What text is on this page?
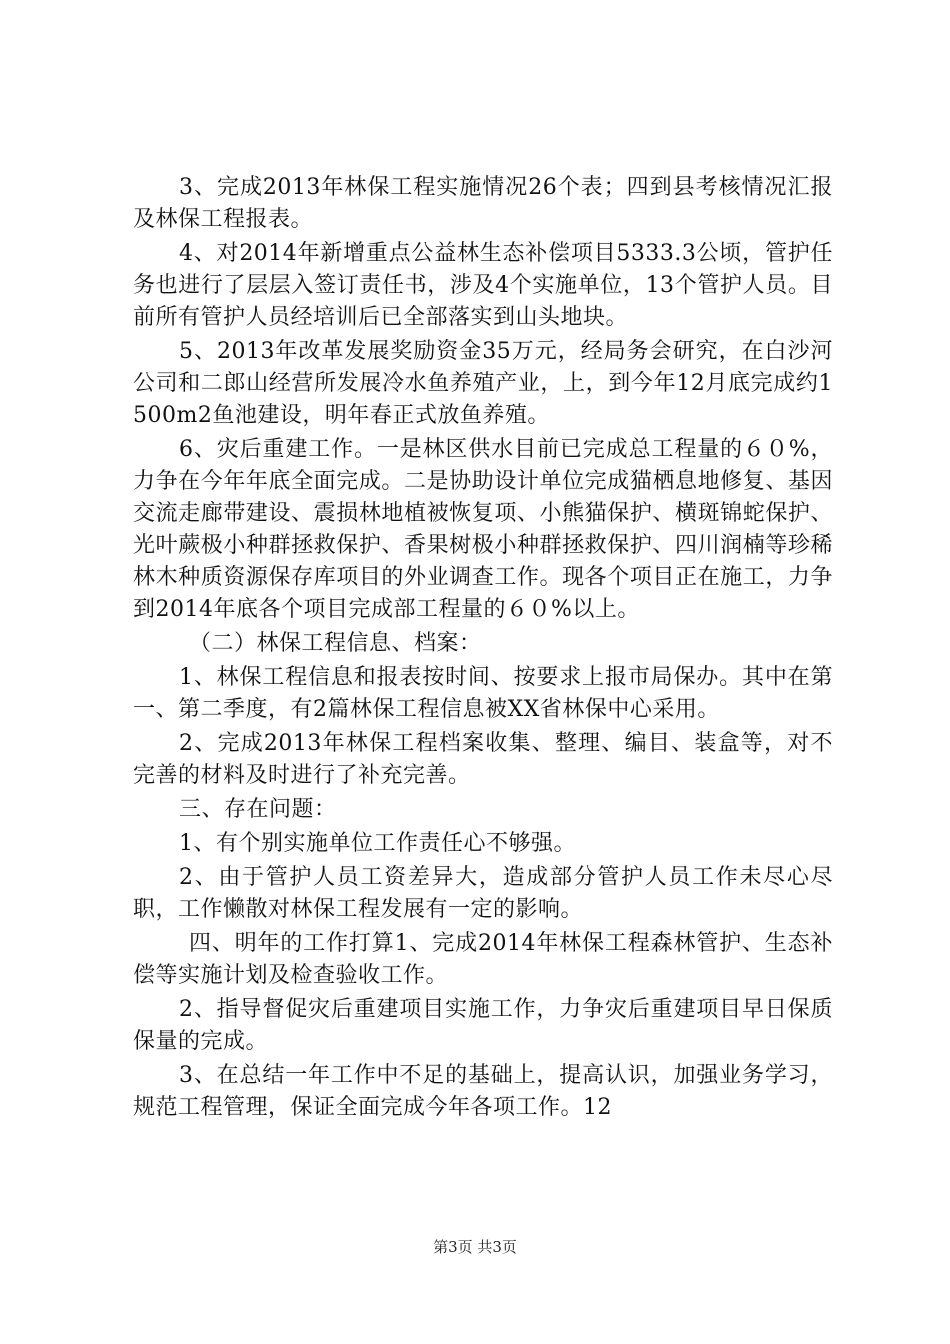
3、完成2013年林保工程实施情况26个表；四到县考核情况汇报及林保工程报表。

4、对2014年新增重点公益林生态补偿项目5333.3公顷，管护任务也进行了层层入签订责任书，涉及4个实施单位，13个管护人员。目前所有管护人员经培训后已全部落实到山头地块。

5、2013年改革发展奖励资金35万元，经局务会研究，在白沙河公司和二郎山经营所发展冷水鱼养殖产业，上，到今年12月底完成约1500m2鱼池建设，明年春正式放鱼养殖。

6、灾后重建工作。一是林区供水目前已完成总工程量的６０%，力争在今年年底全面完成。二是协助设计单位完成猫栖息地修复、基因交流走廊带建设、震损林地植被恢复项、小熊猫保护、横斑锦蛇保护、光叶蕨极小种群拯救保护、香果树极小种群拯救保护、四川润楠等珍稀林木种质资源保存库项目的外业调查工作。现各个项目正在施工，力争到2014年底各个项目完成部工程量的６０%以上。

（二）林保工程信息、档案：

1、林保工程信息和报表按时间、按要求上报市局保办。其中在第一、第二季度，有2篇林保工程信息被XX省林保中心采用。

2、完成2013年林保工程档案收集、整理、编目、装盒等，对不完善的材料及时进行了补充完善。

三、存在问题：

1、有个别实施单位工作责任心不够强。

2、由于管护人员工资差异大，造成部分管护人员工作未尽心尽职，工作懒散对林保工程发展有一定的影响。

四、明年的工作打算1、完成2014年林保工程森林管护、生态补偿等实施计划及检查验收工作。

2、指导督促灾后重建项目实施工作，力争灾后重建项目早日保质保量的完成。

3、在总结一年工作中不足的基础上，提高认识，加强业务学习，规范工程管理，保证全面完成今年各项工作。12

第3页 共3页
